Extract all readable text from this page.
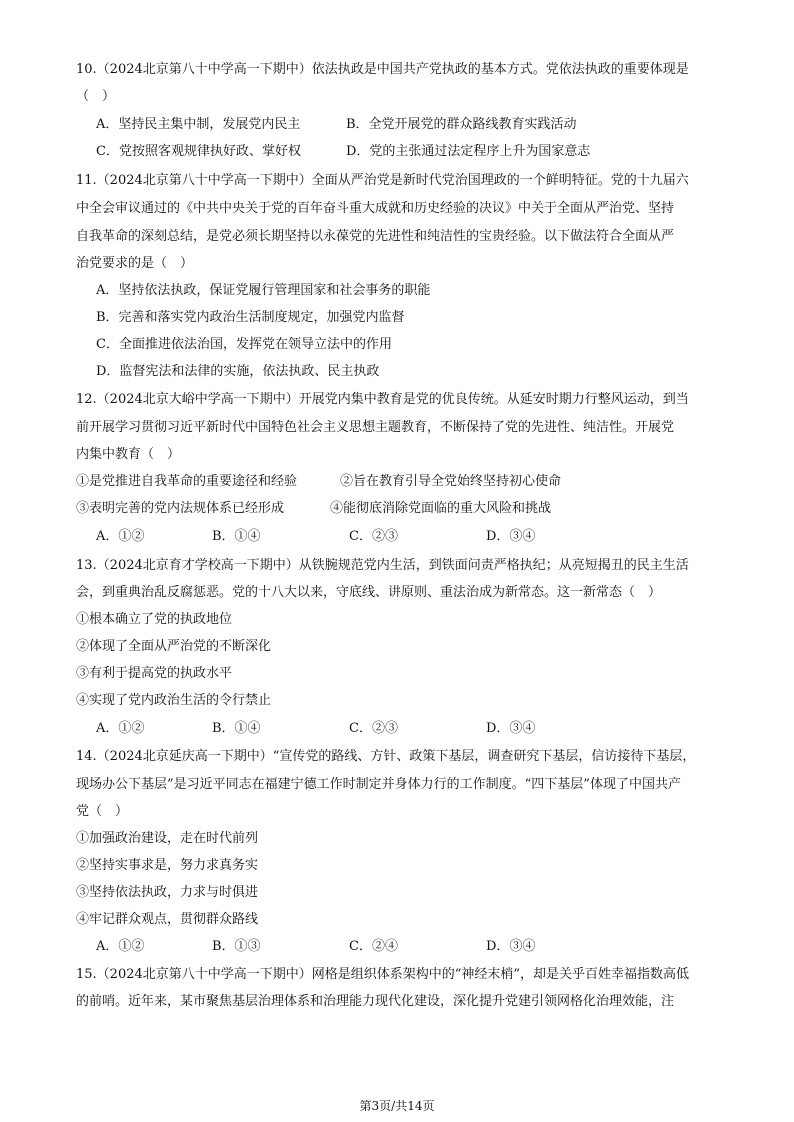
10.（2024北京第八十中学高一下期中）依法执政是中国共产党执政的基本方式。党依法执政的重要体现是
（　）
A．坚持民主集中制，发展党内民主	B．全党开展党的群众路线教育实践活动
C．党按照客观规律执好政、掌好权	D．党的主张通过法定程序上升为国家意志
11.（2024北京第八十中学高一下期中）全面从严治党是新时代党治国理政的一个鲜明特征。党的十九届六
中全会审议通过的《中共中央关于党的百年奋斗重大成就和历史经验的决议》中关于全面从严治党、坚持
自我革命的深刻总结，是党必须长期坚持以永葆党的先进性和纯洁性的宝贵经验。以下做法符合全面从严
治党要求的是（　）
A．坚持依法执政，保证党履行管理国家和社会事务的职能
B．完善和落实党内政治生活制度规定，加强党内监督
C．全面推进依法治国，发挥党在领导立法中的作用
D．监督宪法和法律的实施，依法执政、民主执政
12.（2024北京大峪中学高一下期中）开展党内集中教育是党的优良传统。从延安时期力行整风运动，到当
前开展学习贯彻习近平新时代中国特色社会主义思想主题教育，不断保持了党的先进性、纯洁性。开展党
内集中教育（　）
①是党推进自我革命的重要途径和经验	②旨在教育引导全党始终坚持初心使命
③表明完善的党内法规体系已经形成	④能彻底消除党面临的重大风险和挑战
A．①②	B．①④	C．②③	D．③④
13.（2024北京育才学校高一下期中）从铁腕规范党内生活，到铁面问责严格执纪；从亮短揭丑的民主生活
会，到重典治乱反腐惩恶。党的十八大以来，守底线、讲原则、重法治成为新常态。这一新常态（　）
①根本确立了党的执政地位
②体现了全面从严治党的不断深化
③有利于提高党的执政水平
④实现了党内政治生活的令行禁止
A．①②	B．①④	C．②③	D．③④
14.（2024北京延庆高一下期中）“宣传党的路线、方针、政策下基层，调查研究下基层，信访接待下基层，
现场办公下基层”是习近平同志在福建宁德工作时制定并身体力行的工作制度。“四下基层”体现了中国共产
党（　）
①加强政治建设，走在时代前列
②坚持实事求是，努力求真务实
③坚持依法执政，力求与时俱进
④牢记群众观点，贯彻群众路线
A．①②	B．①③	C．②④	D．③④
15.（2024北京第八十中学高一下期中）网格是组织体系架构中的“神经末梢”，却是关乎百姓幸福指数高低
的前哨。近年来，某市聚焦基层治理体系和治理能力现代化建设，深化提升党建引领网格化治理效能，注
第3页/共14页
